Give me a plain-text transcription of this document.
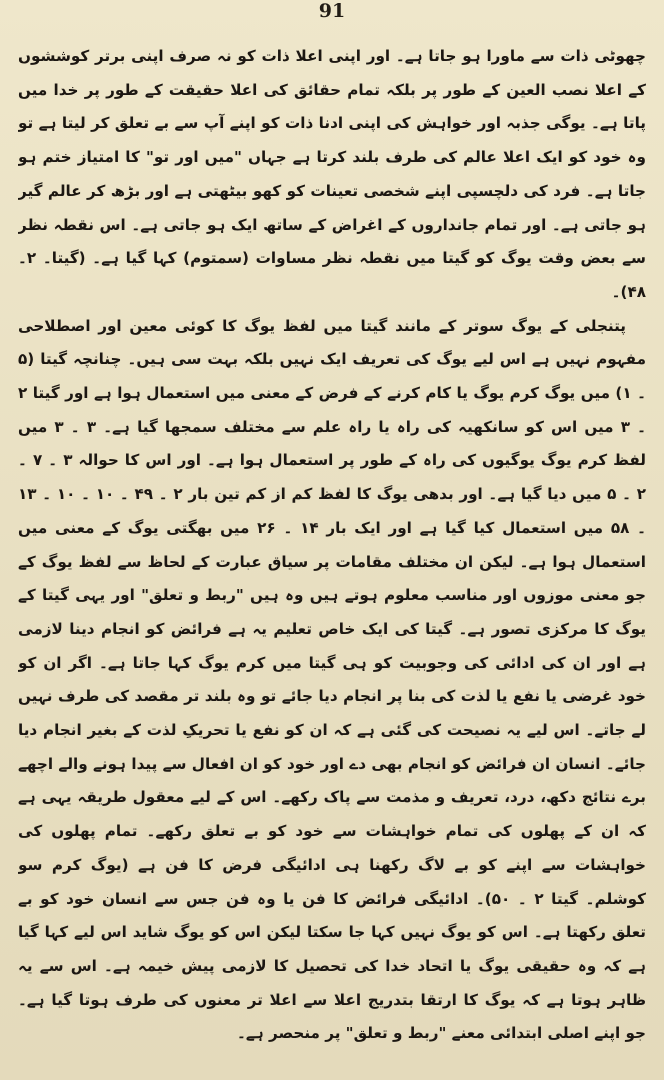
91

چھوٹی ذات سے ماورا ہو جاتا ہے۔ اور اپنی اعلا ذات کو نہ صرف اپنی برتر کوششوں کے اعلا نصب العین کے طور پر بلکہ تمام حقائق کی اعلا حقیقت کے طور پر خدا میں پاتا ہے۔ یوگی جذبہ اور خواہش کی اپنی ادنا ذات کو اپنے آپ سے بے تعلق کر لیتا ہے تو وہ خود کو ایک اعلا عالم کی طرف بلند کرتا ہے جہاں "میں اور تو" کا امتیاز ختم ہو جاتا ہے۔ فرد کی دلچسپی اپنے شخصی تعینات کو کھو بیٹھتی ہے اور بڑھ کر عالم گیر ہو جاتی ہے۔ اور تمام جانداروں کے اغراض کے ساتھ ایک ہو جاتی ہے۔ اس نقطہ نظر سے بعض وقت یوگ کو گیتا میں نقطہ نظر مساوات (سمتوم) کہا گیا ہے۔ (گیتا۔ ۲۔ ۴۸)۔

پتنجلی کے یوگ سوتر کے مانند گیتا میں لفظ یوگ کا کوئی معین اور اصطلاحی مفہوم نہیں ہے اس لیے یوگ کی تعریف ایک نہیں بلکہ بہت سی ہیں۔ چنانچہ گیتا (۵ ۔ ۱) میں یوگ کرم یوگ یا کام کرنے کے فرض کے معنی میں استعمال ہوا ہے اور گیتا ۲ ۔ ۳ میں اس کو سانکھیہ کی راہ یا راہ علم سے مختلف سمجھا گیا ہے۔ ۳ ۔ ۳ میں لفظ کرم یوگ یوگیوں کی راہ کے طور پر استعمال ہوا ہے۔ اور اس کا حوالہ ۳ ۔ ۷ ۔ ۲ ۔ ۵ میں دیا گیا ہے۔ اور بدھی یوگ کا لفظ کم از کم تین بار ۲ ۔ ۴۹ ۔ ۱۰ ۔ ۱۰ ۔ ۱۳ ۔ ۵۸ میں استعمال کیا گیا ہے اور ایک بار ۱۴ ۔ ۲۶ میں بھگتی یوگ کے معنی میں استعمال ہوا ہے۔ لیکن ان مختلف مقامات پر سیاق عبارت کے لحاظ سے لفظ یوگ کے جو معنی موزوں اور مناسب معلوم ہوتے ہیں وہ ہیں "ربط و تعلق" اور یہی گیتا کے یوگ کا مرکزی تصور ہے۔ گیتا کی ایک خاص تعلیم یہ ہے فرائض کو انجام دینا لازمی ہے اور ان کی ادائی کی وجوبیت کو ہی گیتا میں کرم یوگ کہا جاتا ہے۔ اگر ان کو خود غرضی یا نفع یا لذت کی بنا پر انجام دیا جائے تو وہ بلند تر مقصد کی طرف نہیں لے جاتے۔ اس لیے یہ نصیحت کی گئی ہے کہ ان کو نفع یا تحریکِ لذت کے بغیر انجام دیا جائے۔ انسان ان فرائض کو انجام بھی دے اور خود کو ان افعال سے پیدا ہونے والے اچھے برے نتائج دکھ، درد، تعریف و مذمت سے پاک رکھے۔ اس کے لیے معقول طریقہ یہی ہے کہ ان کے پھلوں کی تمام خواہشات سے خود کو بے تعلق رکھے۔ تمام پھلوں کی خواہشات سے اپنے کو بے لاگ رکھنا ہی ادائیگی فرض کا فن ہے (یوگ کرم سو کوشلم۔ گیتا ۲ ۔ ۵۰)۔ ادائیگی فرائض کا فن یا وہ فن جس سے انسان خود کو بے تعلق رکھتا ہے۔ اس کو یوگ نہیں کہا جا سکتا لیکن اس کو یوگ شاید اس لیے کہا گیا ہے کہ وہ حقیقی یوگ یا اتحاد خدا کی تحصیل کا لازمی پیش خیمہ ہے۔ اس سے یہ ظاہر ہوتا ہے کہ یوگ کا ارتقا بتدریج اعلا سے اعلا تر معنوں کی طرف ہوتا گیا ہے۔ جو اپنے اصلی ابتدائی معنے "ربط و تعلق" پر منحصر ہے۔
